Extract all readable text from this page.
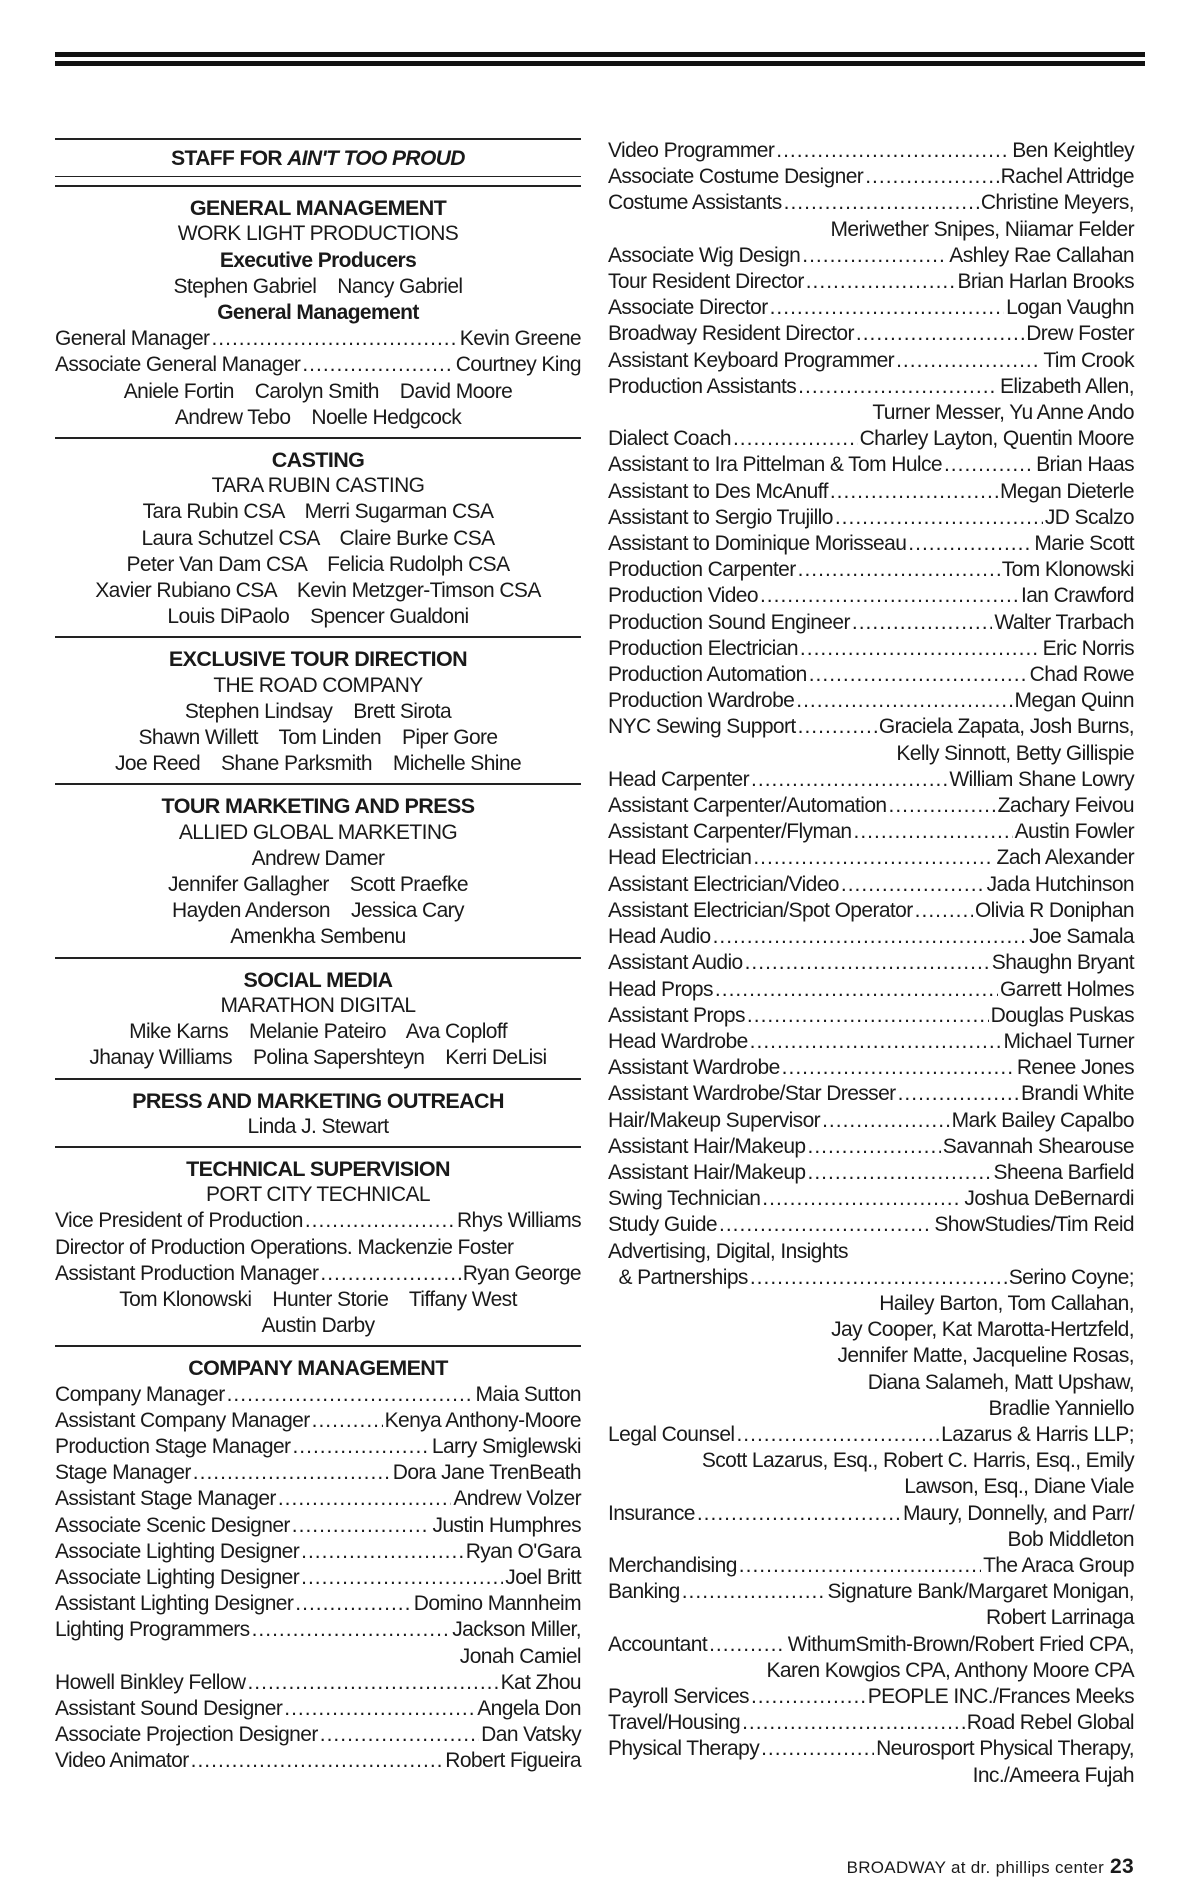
STAFF FOR AIN'T TOO PROUD
GENERAL MANAGEMENT
WORK LIGHT PRODUCTIONS
Executive Producers
Stephen Gabriel    Nancy Gabriel
General Management
General Manager .....	Kevin Greene
Associate General Manager .....	Courtney King
Aniele Fortin    Carolyn Smith    David Moore
Andrew Tebo    Noelle Hedgcock
CASTING
TARA RUBIN CASTING
Tara Rubin CSA    Merri Sugarman CSA
Laura Schutzel CSA    Claire Burke CSA
Peter Van Dam CSA    Felicia Rudolph CSA
Xavier Rubiano CSA    Kevin Metzger-Timson CSA
Louis DiPaolo    Spencer Gualdoni
EXCLUSIVE TOUR DIRECTION
THE ROAD COMPANY
Stephen Lindsay    Brett Sirota
Shawn Willett    Tom Linden    Piper Gore
Joe Reed    Shane Parksmith    Michelle Shine
TOUR MARKETING AND PRESS
ALLIED GLOBAL MARKETING
Andrew Damer
Jennifer Gallagher    Scott Praefke
Hayden Anderson    Jessica Cary
Amenkha Sembenu
SOCIAL MEDIA
MARATHON DIGITAL
Mike Karns    Melanie Pateiro    Ava Coploff
Jhanay Williams    Polina Sapershteyn    Kerri DeLisi
PRESS AND MARKETING OUTREACH
Linda J. Stewart
TECHNICAL SUPERVISION
PORT CITY TECHNICAL
Vice President of Production .....	Rhys Williams
Director of Production Operations. Mackenzie Foster
Assistant Production Manager .....	Ryan George
Tom Klonowski    Hunter Storie    Tiffany West
Austin Darby
COMPANY MANAGEMENT
Company Manager .....	Maia Sutton
Assistant Company Manager .....	Kenya Anthony-Moore
Production Stage Manager .....	Larry Smiglewski
Stage Manager .....	Dora Jane TrenBeath
Assistant Stage Manager .....	Andrew Volzer
Associate Scenic Designer .....	Justin Humphres
Associate Lighting Designer .....	Ryan O'Gara
Associate Lighting Designer .....	Joel Britt
Assistant Lighting Designer .....	Domino Mannheim
Lighting Programmers .....	Jackson Miller,
Jonah Camiel
Howell Binkley Fellow .....	Kat Zhou
Assistant Sound Designer .....	Angela Don
Associate Projection Designer .....	Dan Vatsky
Video Animator .....	Robert Figueira
Video Programmer .....	Ben Keightley
Associate Costume Designer .....	Rachel Attridge
Costume Assistants .....	Christine Meyers,
Meriwether Snipes, Niiamar Felder
Associate Wig Design .....	Ashley Rae Callahan
Tour Resident Director .....	Brian Harlan Brooks
Associate Director .....	Logan Vaughn
Broadway Resident Director .....	Drew Foster
Assistant Keyboard Programmer .....	Tim Crook
Production Assistants .....	Elizabeth Allen,
Turner Messer, Yu Anne Ando
Dialect Coach .....	Charley Layton, Quentin Moore
Assistant to Ira Pittelman & Tom Hulce .....	Brian Haas
Assistant to Des McAnuff .....	Megan Dieterle
Assistant to Sergio Trujillo .....	JD Scalzo
Assistant to Dominique Morisseau .....	Marie Scott
Production Carpenter .....	Tom Klonowski
Production Video .....	Ian Crawford
Production Sound Engineer .....	Walter Trarbach
Production Electrician .....	Eric Norris
Production Automation .....	Chad Rowe
Production Wardrobe .....	Megan Quinn
NYC Sewing Support .....	Graciela Zapata, Josh Burns,
Kelly Sinnott, Betty Gillispie
Head Carpenter .....	William Shane Lowry
Assistant Carpenter/Automation .....	Zachary Feivou
Assistant Carpenter/Flyman .....	Austin Fowler
Head Electrician .....	Zach Alexander
Assistant Electrician/Video .....	Jada Hutchinson
Assistant Electrician/Spot Operator .....	Olivia R Doniphan
Head Audio .....	Joe Samala
Assistant Audio .....	Shaughn Bryant
Head Props .....	Garrett Holmes
Assistant Props .....	Douglas Puskas
Head Wardrobe .....	Michael Turner
Assistant Wardrobe .....	Renee Jones
Assistant Wardrobe/Star Dresser .....	Brandi White
Hair/Makeup Supervisor .....	Mark Bailey Capalbo
Assistant Hair/Makeup .....	Savannah Shearouse
Assistant Hair/Makeup .....	Sheena Barfield
Swing Technician .....	Joshua DeBernardi
Study Guide .....	ShowStudies/Tim Reid
Advertising, Digital, Insights
& Partnerships .....	Serino Coyne;
Hailey Barton, Tom Callahan,
Jay Cooper, Kat Marotta-Hertzfeld,
Jennifer Matte, Jacqueline Rosas,
Diana Salameh, Matt Upshaw,
Bradlie Yanniello
Legal Counsel .....	Lazarus & Harris LLP;
Scott Lazarus, Esq., Robert C. Harris, Esq., Emily
Lawson, Esq., Diane Viale
Insurance .....	Maury, Donnelly, and Parr/
Bob Middleton
Merchandising .....	The Araca Group
Banking .....	Signature Bank/Margaret Monigan,
Robert Larrinaga
Accountant .....	WithumSmith-Brown/Robert Fried CPA,
Karen Kowgios CPA, Anthony Moore CPA
Payroll Services .....	PEOPLE INC./Frances Meeks
Travel/Housing .....	Road Rebel Global
Physical Therapy .....	Neurosport Physical Therapy,
Inc./Ameera Fujah
BROADWAY at dr. phillips center 23
